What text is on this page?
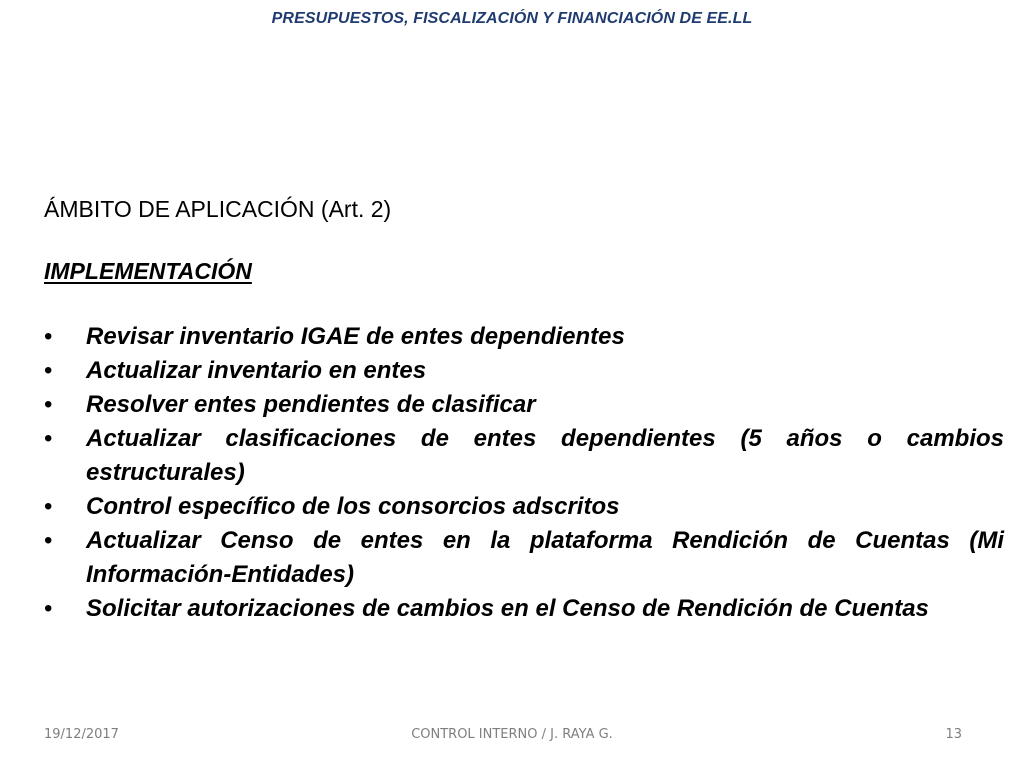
PRESUPUESTOS, FISCALIZACIÓN Y FINANCIACIÓN DE EE.LL
ÁMBITO DE APLICACIÓN (Art. 2)
IMPLEMENTACIÓN
•	Revisar inventario IGAE de entes dependientes
•	Actualizar inventario en entes
•	Resolver entes pendientes de clasificar
•	Actualizar clasificaciones de entes dependientes (5 años o cambios estructurales)
•	Control específico de los consorcios adscritos
•	Actualizar Censo de entes en la plataforma Rendición de Cuentas (Mi Información-Entidades)
•	Solicitar autorizaciones de cambios en el Censo de Rendición de Cuentas
19/12/2017	CONTROL INTERNO / J. RAYA G.	13
